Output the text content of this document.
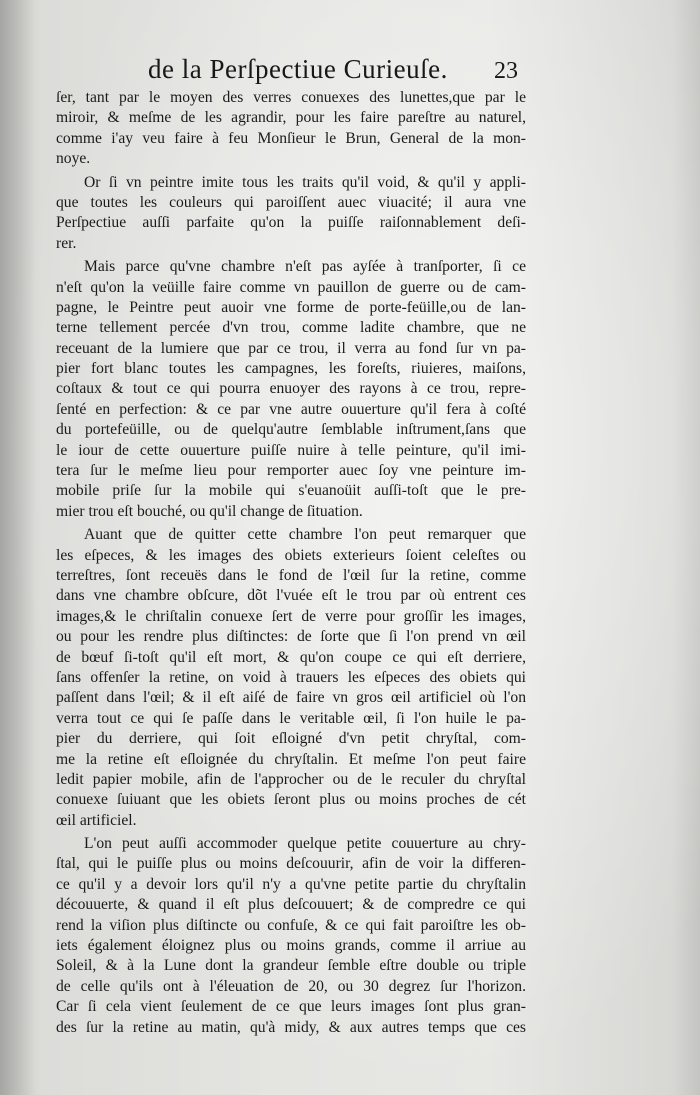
de la Perſpectiue Curieuſe. 23

ſer, tant par le moyen des verres conuexes des lunettes,que par le
miroir, & meſme de les agrandir, pour les faire pareſtre au naturel,
comme i'ay veu faire à feu Monſieur le Brun, General de la mon-
noye.

Or ſi vn peintre imite tous les traits qu'il void, & qu'il y appli-
que toutes les couleurs qui paroiſſent auec viuacité; il aura vne
Perſpectiue auſſi parfaite qu'on la puiſſe raiſonnablement deſi-
rer.

Mais parce qu'vne chambre n'eſt pas ayſée à tranſporter, ſi ce
n'eſt qu'on la veüille faire comme vn pauillon de guerre ou de cam-
pagne, le Peintre peut auoir vne forme de porte-feüille,ou de lan-
terne tellement percée d'vn trou, comme ladite chambre, que ne
receuant de la lumiere que par ce trou, il verra au fond ſur vn pa-
pier fort blanc toutes les campagnes, les foreſts, riuieres, maiſons,
coſtaux & tout ce qui pourra enuoyer des rayons à ce trou, repre-
ſenté en perfection: & ce par vne autre ouuerture qu'il fera à coſté
du portefeüille, ou de quelqu'autre ſemblable inſtrument,ſans que
le iour de cette ouuerture puiſſe nuire à telle peinture, qu'il imi-
tera ſur le meſme lieu pour remporter auec ſoy vne peinture im-
mobile priſe ſur la mobile qui s'euanoüit auſſi-toſt que le pre-
mier trou eſt bouché, ou qu'il change de ſituation.

Auant que de quitter cette chambre l'on peut remarquer que
les eſpeces, & les images des obiets exterieurs ſoient celeſtes ou
terreſtres, ſont receuës dans le fond de l'œil ſur la retine, comme
dans vne chambre obſcure, dõt l'vuée eſt le trou par où entrent ces
images,& le chriſtalin conuexe ſert de verre pour groſſir les images,
ou pour les rendre plus diſtinctes: de ſorte que ſi l'on prend vn œil
de bœuf ſi-toſt qu'il eſt mort, & qu'on coupe ce qui eſt derriere,
ſans offenſer la retine, on void à trauers les eſpeces des obiets qui
paſſent dans l'œil; & il eſt aiſé de faire vn gros œil artificiel où l'on
verra tout ce qui ſe paſſe dans le veritable œil, ſi l'on huile le pa-
pier du derriere, qui ſoit eſloigné d'vn petit chryſtal, com-
me la retine eſt eſloignée du chryſtalin. Et meſme l'on peut faire
ledit papier mobile, afin de l'approcher ou de le reculer du chryſtal
conuexe ſuiuant que les obiets ſeront plus ou moins proches de cét
œil artificiel.

L'on peut auſſi accommoder quelque petite couuerture au chry-
ſtal, qui le puiſſe plus ou moins deſcouurir, afin de voir la differen-
ce qu'il y a devoir lors qu'il n'y a qu'vne petite partie du chryſtalin
découuerte, & quand il eſt plus deſcouuert; & de compredre ce qui
rend la viſion plus diſtincte ou confuſe, & ce qui fait paroiſtre les ob-
iets également éloignez plus ou moins grands, comme il arriue au
Soleil, & à la Lune dont la grandeur ſemble eſtre double ou triple
de celle qu'ils ont à l'éleuation de 20, ou 30 degrez ſur l'horizon.
Car ſi cela vient ſeulement de ce que leurs images ſont plus gran-
des ſur la retine au matin, qu'à midy, & aux autres temps que ces
